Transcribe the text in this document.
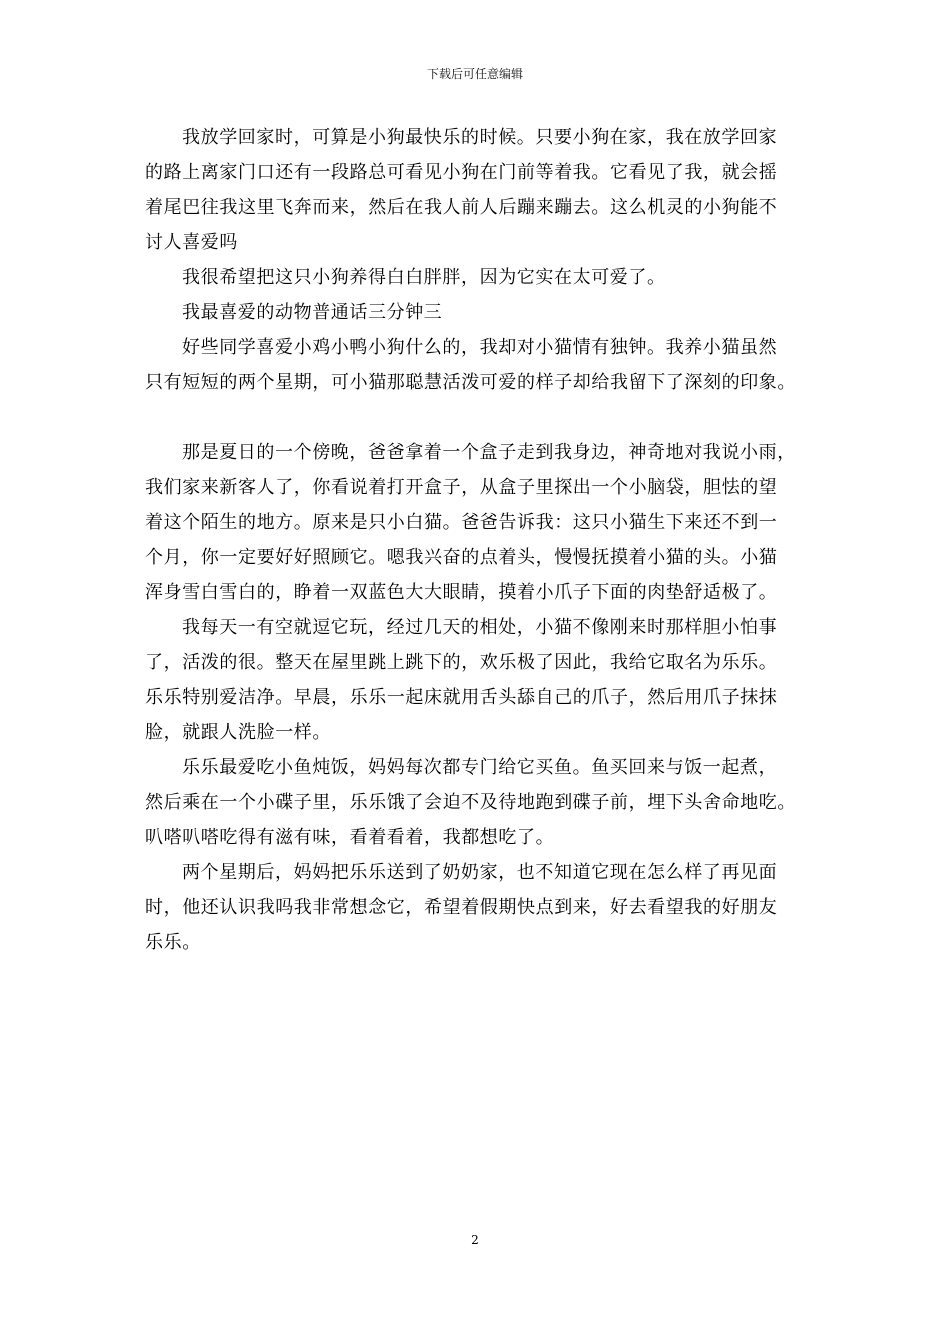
下载后可任意编辑
我放学回家时，可算是小狗最快乐的时候。只要小狗在家，我在放学回家
的路上离家门口还有一段路总可看见小狗在门前等着我。它看见了我，就会摇
着尾巴往我这里飞奔而来，然后在我人前人后蹦来蹦去。这么机灵的小狗能不
讨人喜爱吗
我很希望把这只小狗养得白白胖胖，因为它实在太可爱了。
我最喜爱的动物普通话三分钟三
好些同学喜爱小鸡小鸭小狗什么的，我却对小猫情有独钟。我养小猫虽然
只有短短的两个星期，可小猫那聪慧活泼可爱的样子却给我留下了深刻的印象。
那是夏日的一个傍晚，爸爸拿着一个盒子走到我身边，神奇地对我说小雨，
我们家来新客人了，你看说着打开盒子，从盒子里探出一个小脑袋，胆怯的望
着这个陌生的地方。原来是只小白猫。爸爸告诉我：这只小猫生下来还不到一
个月，你一定要好好照顾它。嗯我兴奋的点着头，慢慢抚摸着小猫的头。小猫
浑身雪白雪白的，睁着一双蓝色大大眼睛，摸着小爪子下面的肉垫舒适极了。
我每天一有空就逗它玩，经过几天的相处，小猫不像刚来时那样胆小怕事
了，活泼的很。整天在屋里跳上跳下的，欢乐极了因此，我给它取名为乐乐。
乐乐特别爱洁净。早晨，乐乐一起床就用舌头舔自己的爪子，然后用爪子抹抹
脸，就跟人洗脸一样。
乐乐最爱吃小鱼炖饭，妈妈每次都专门给它买鱼。鱼买回来与饭一起煮，
然后乘在一个小碟子里，乐乐饿了会迫不及待地跑到碟子前，埋下头舍命地吃。
叭嗒叭嗒吃得有滋有味，看着看着，我都想吃了。
两个星期后，妈妈把乐乐送到了奶奶家，也不知道它现在怎么样了再见面
时，他还认识我吗我非常想念它，希望着假期快点到来，好去看望我的好朋友
乐乐。
2
